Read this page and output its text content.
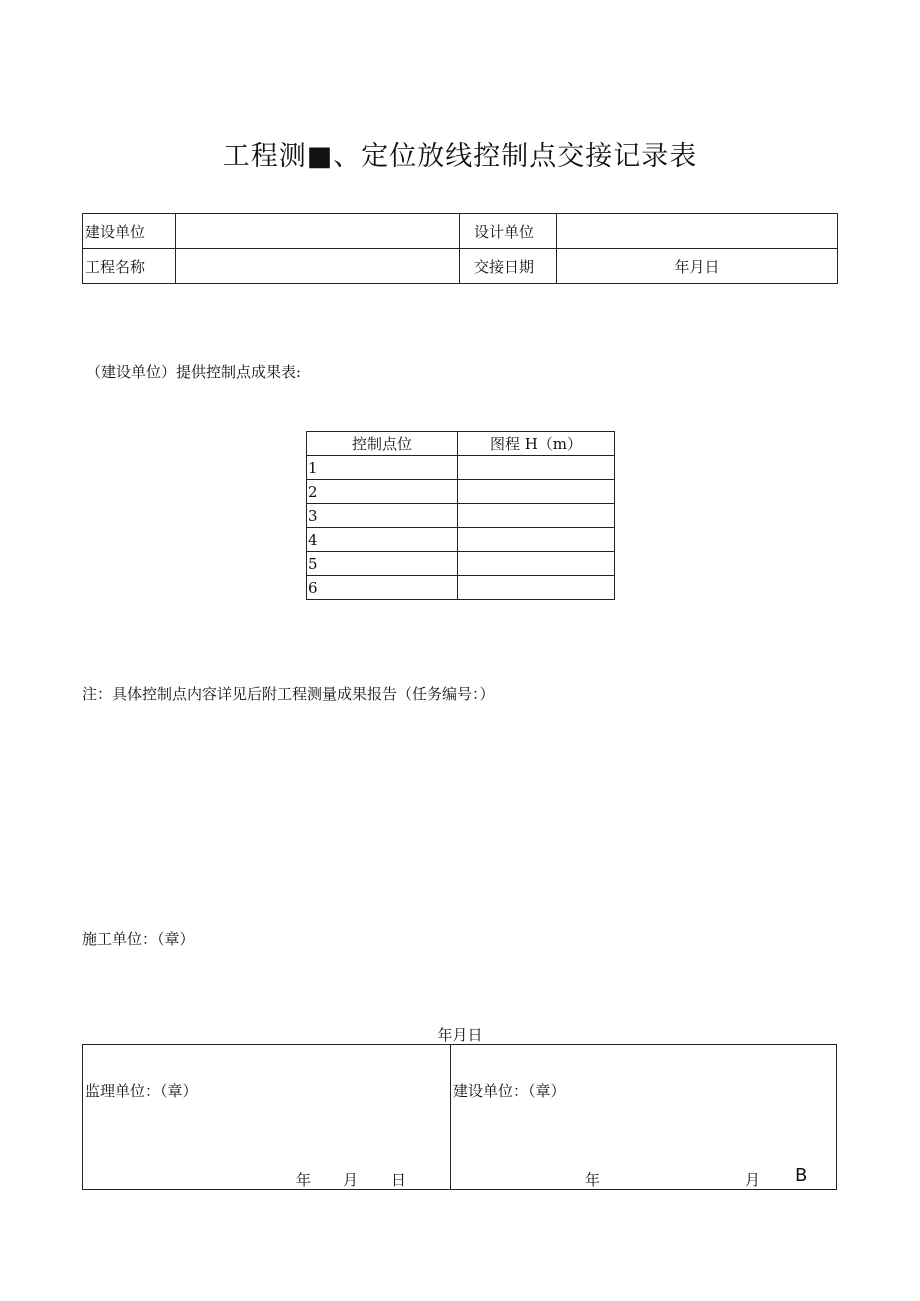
工程测■、定位放线控制点交接记录表
建设单位		设计单位	
工程名称		交接日期	年月日
（建设单位）提供控制点成果表:
控制点位	图程 H（m）
1	
2	
3	
4	
5	
6	
注：具体控制点内容详见后附工程测量成果报告（任务编号：）
施工单位：（章）
年月日
监理单位：（章）
年 月 日
建设单位：（章）
年	月 B
